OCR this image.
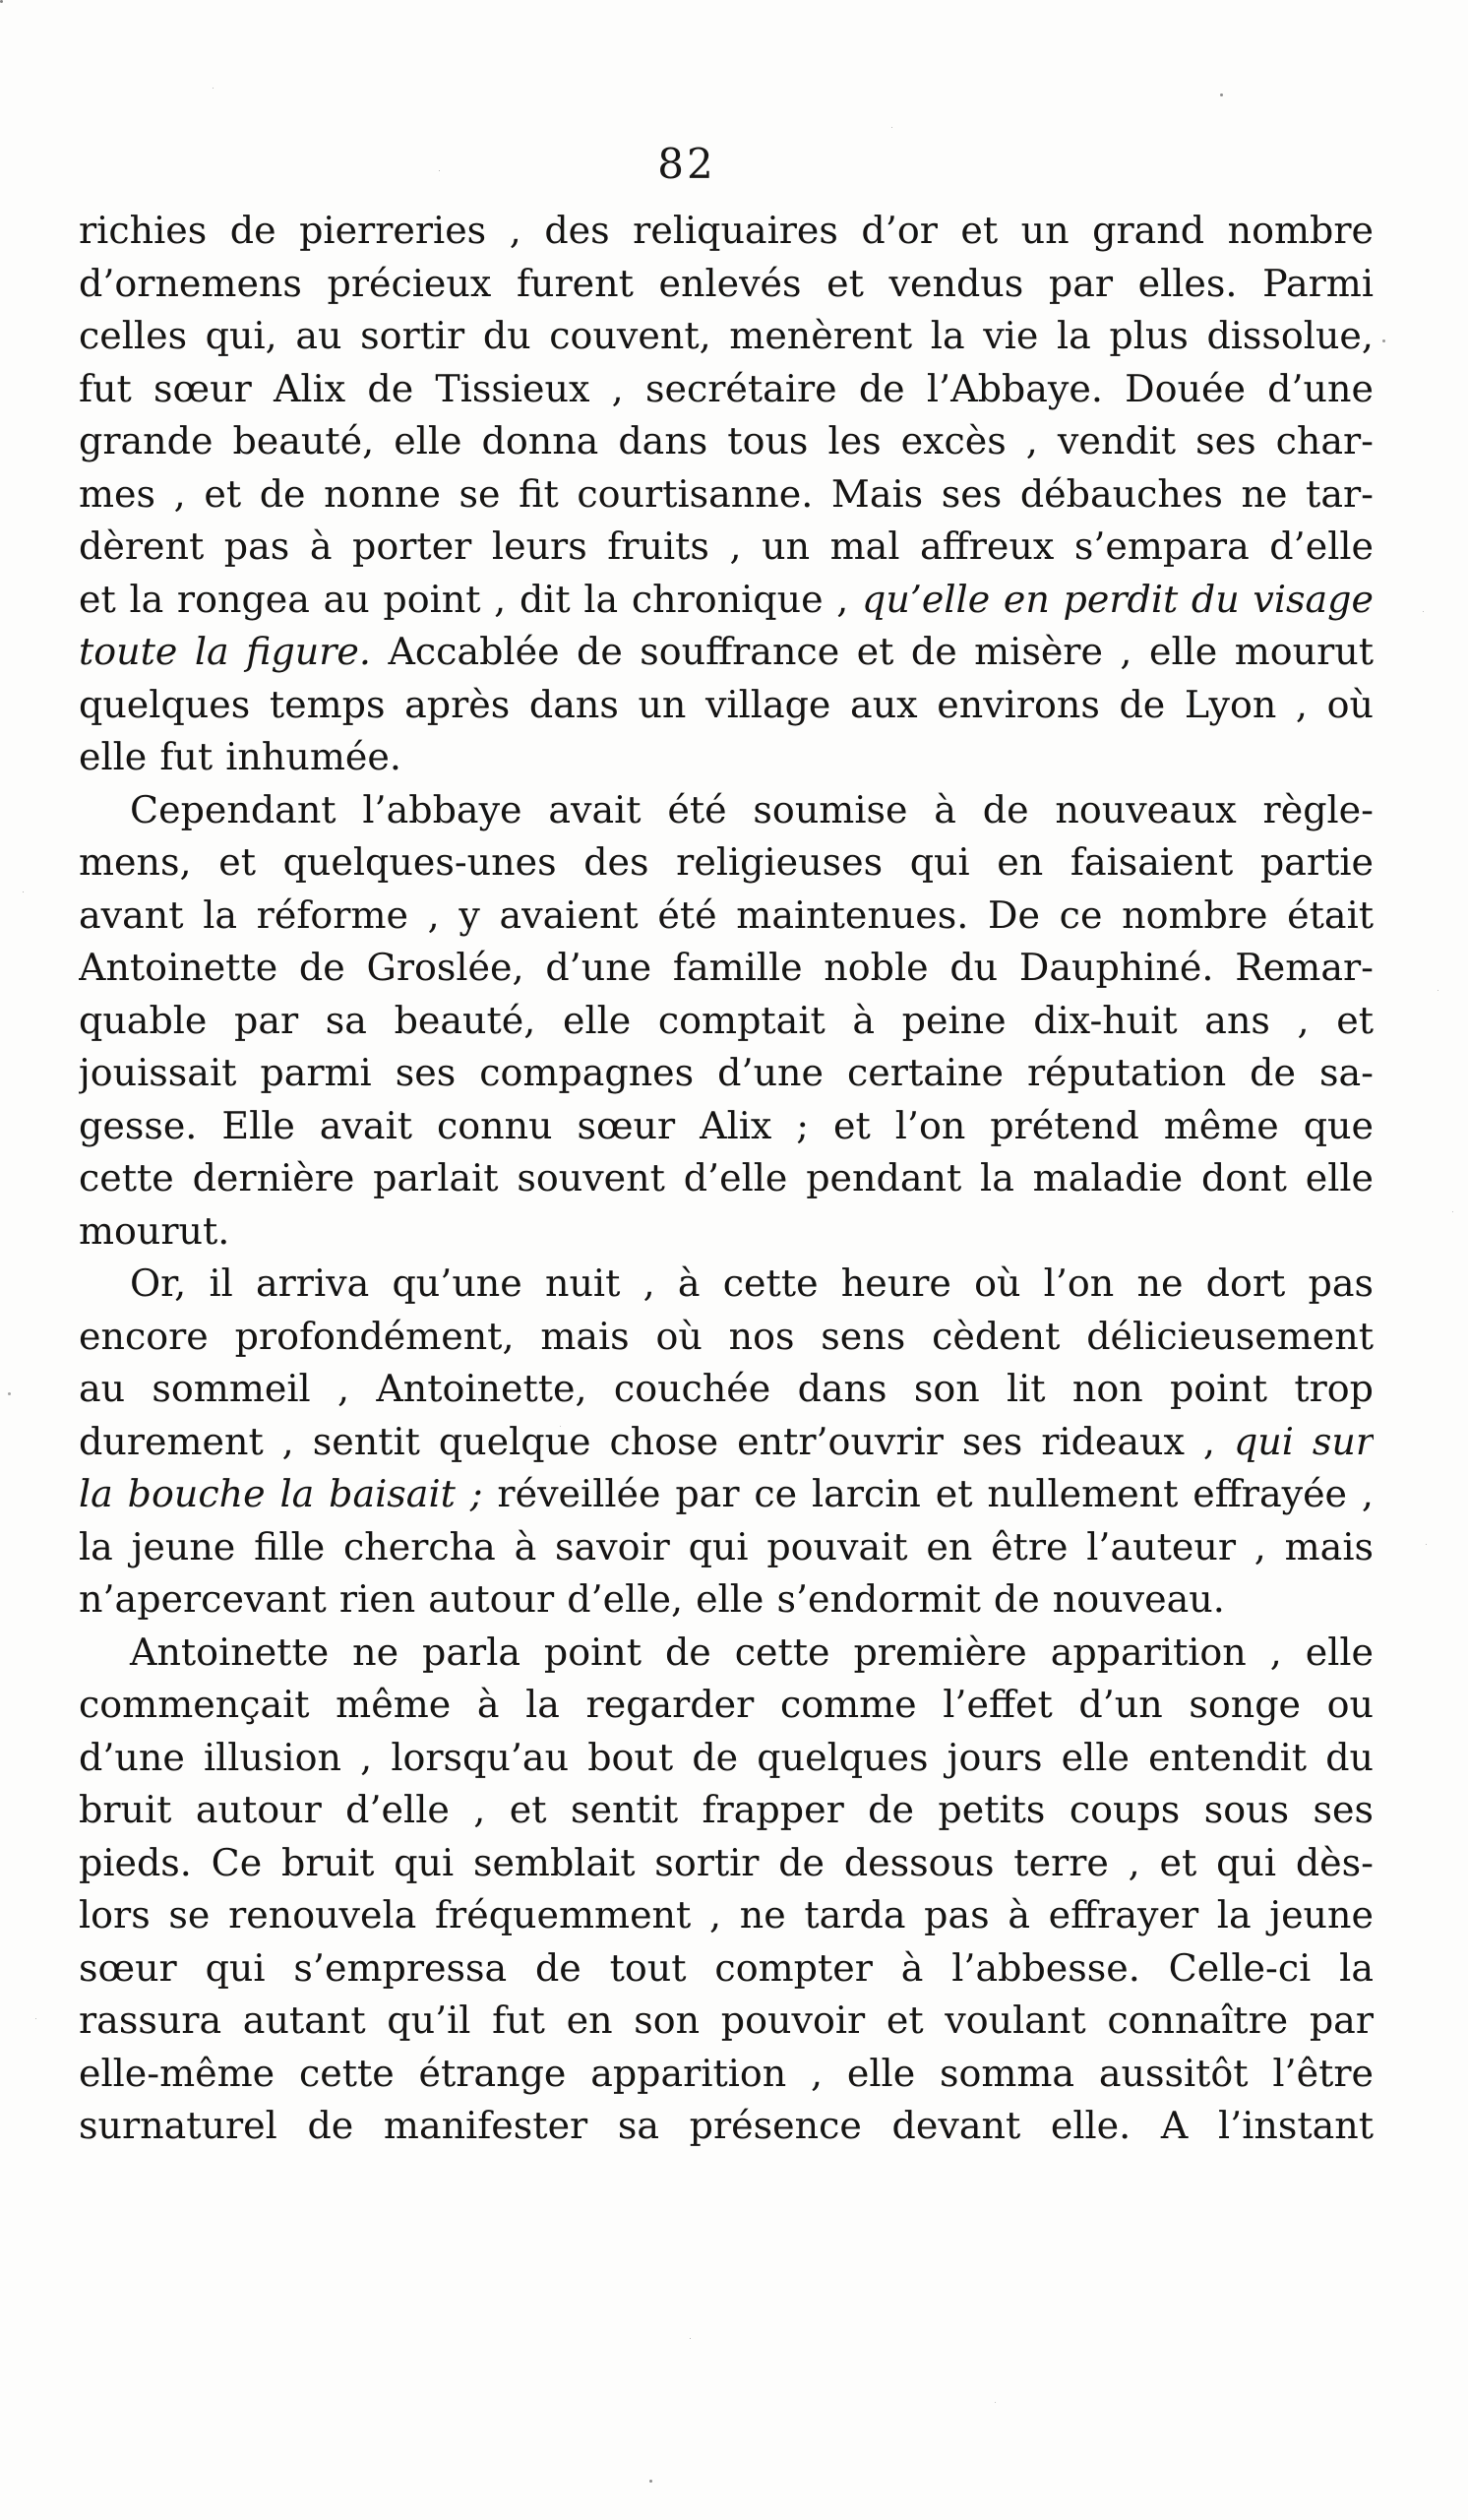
82
richies de pierreries , des reliquaires d’or et un grand nombre
d’ornemens précieux furent enlevés et vendus par elles. Parmi
celles qui, au sortir du couvent, menèrent la vie la plus dissolue,
fut sœur Alix de Tissieux , secrétaire de l’Abbaye. Douée d’une
grande beauté, elle donna dans tous les excès , vendit ses char-
mes , et de nonne se fit courtisanne. Mais ses débauches ne tar-
dèrent pas à porter leurs fruits , un mal affreux s’empara d’elle
et la rongea au point , dit la chronique , qu’elle en perdit du visage
toute la figure. Accablée de souffrance et de misère , elle mourut
quelques temps après dans un village aux environs de Lyon , où
elle fut inhumée.
Cependant l’abbaye avait été soumise à de nouveaux règle-
mens, et quelques-unes des religieuses qui en faisaient partie
avant la réforme , y avaient été maintenues. De ce nombre était
Antoinette de Groslée, d’une famille noble du Dauphiné. Remar-
quable par sa beauté, elle comptait à peine dix-huit ans , et
jouissait parmi ses compagnes d’une certaine réputation de sa-
gesse. Elle avait connu sœur Alix ; et l’on prétend même que
cette dernière parlait souvent d’elle pendant la maladie dont elle
mourut.
Or, il arriva qu’une nuit , à cette heure où l’on ne dort pas
encore profondément, mais où nos sens cèdent délicieusement
au sommeil , Antoinette, couchée dans son lit non point trop
durement , sentit quelque chose entr’ouvrir ses rideaux , qui sur
la bouche la baisait ; réveillée par ce larcin et nullement effrayée ,
la jeune fille chercha à savoir qui pouvait en être l’auteur , mais
n’apercevant rien autour d’elle, elle s’endormit de nouveau.
Antoinette ne parla point de cette première apparition , elle
commençait même à la regarder comme l’effet d’un songe ou
d’une illusion , lorsqu’au bout de quelques jours elle entendit du
bruit autour d’elle , et sentit frapper de petits coups sous ses
pieds. Ce bruit qui semblait sortir de dessous terre , et qui dès-
lors se renouvela fréquemment , ne tarda pas à effrayer la jeune
sœur qui s’empressa de tout compter à l’abbesse. Celle-ci la
rassura autant qu’il fut en son pouvoir et voulant connaître par
elle-même cette étrange apparition , elle somma aussitôt l’être
surnaturel de manifester sa présence devant elle. A l’instant
